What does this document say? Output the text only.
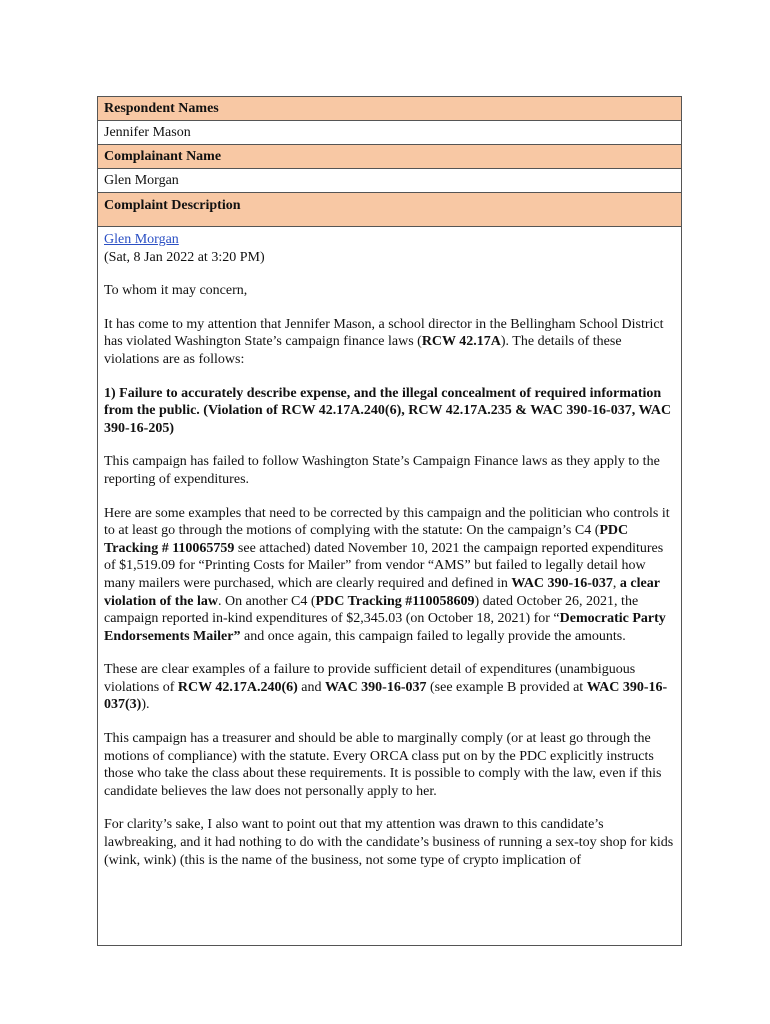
Respondent Names
Jennifer Mason
Complainant Name
Glen Morgan
Complaint Description
Glen Morgan

(Sat, 8 Jan 2022 at 3:20 PM)

To whom it may concern,

It has come to my attention that Jennifer Mason, a school director in the Bellingham School District has violated Washington State’s campaign finance laws (RCW 42.17A). The details of these violations are as follows:

1) Failure to accurately describe expense, and the illegal concealment of required information from the public. (Violation of RCW 42.17A.240(6), RCW 42.17A.235 & WAC 390-16-037, WAC 390-16-205)

This campaign has failed to follow Washington State’s Campaign Finance laws as they apply to the reporting of expenditures.

Here are some examples that need to be corrected by this campaign and the politician who controls it to at least go through the motions of complying with the statute: On the campaign’s C4 (PDC Tracking # 110065759 see attached) dated November 10, 2021 the campaign reported expenditures of $1,519.09 for “Printing Costs for Mailer” from vendor “AMS” but failed to legally detail how many mailers were purchased, which are clearly required and defined in WAC 390-16-037, a clear violation of the law. On another C4 (PDC Tracking #110058609) dated October 26, 2021, the campaign reported in-kind expenditures of $2,345.03 (on October 18, 2021) for “Democratic Party Endorsements Mailer” and once again, this campaign failed to legally provide the amounts.

These are clear examples of a failure to provide sufficient detail of expenditures (unambiguous violations of RCW 42.17A.240(6) and WAC 390-16-037 (see example B provided at WAC 390-16-037(3)).

This campaign has a treasurer and should be able to marginally comply (or at least go through the motions of compliance) with the statute. Every ORCA class put on by the PDC explicitly instructs those who take the class about these requirements. It is possible to comply with the law, even if this candidate believes the law does not personally apply to her.

For clarity’s sake, I also want to point out that my attention was drawn to this candidate’s lawbreaking, and it had nothing to do with the candidate’s business of running a sex-toy shop for kids (wink, wink) (this is the name of the business, not some type of crypto implication of
